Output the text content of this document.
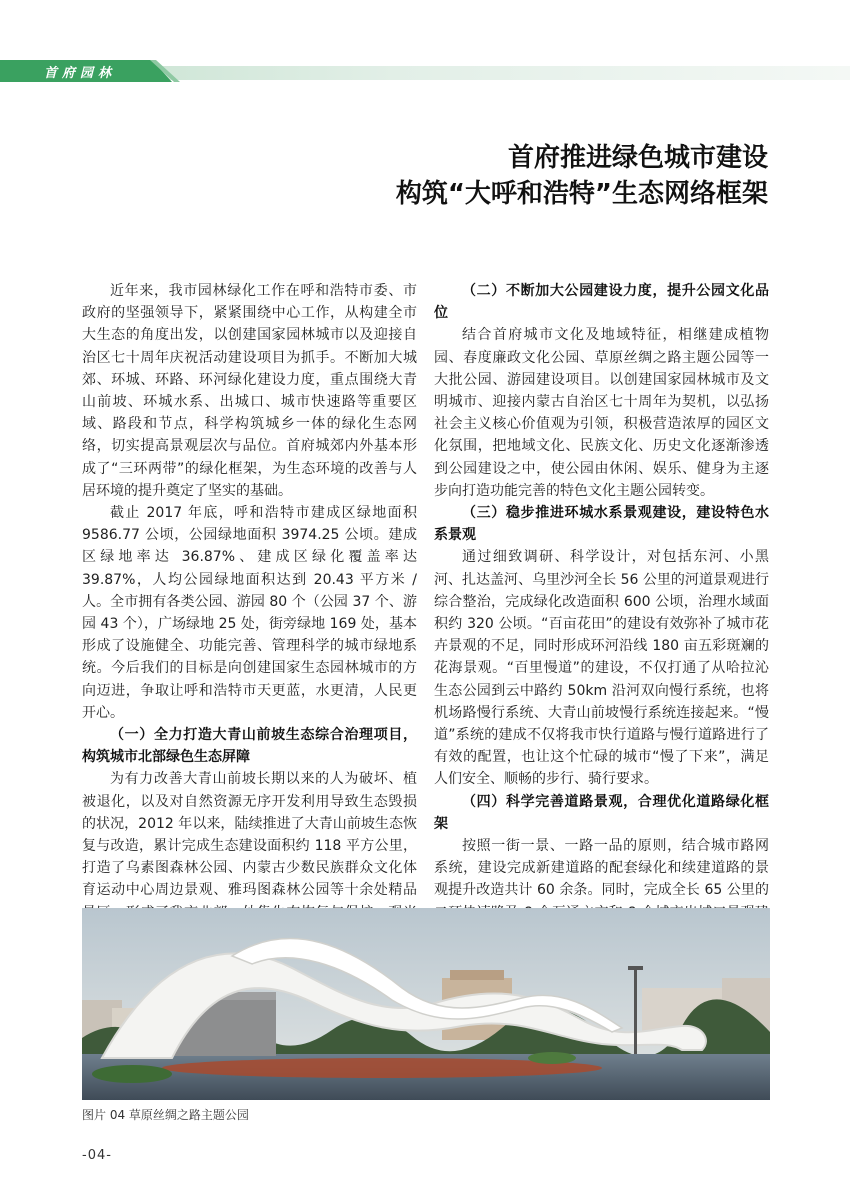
首府园林
首府推进绿色城市建设
构筑“大呼和浩特”生态网络框架

近年来，我市园林绿化工作在呼和浩特市委、市政府的坚强领导下，紧紧围绕中心工作，从构建全市大生态的角度出发，以创建国家园林城市以及迎接自治区七十周年庆祝活动建设项目为抓手。不断加大城郊、环城、环路、环河绿化建设力度，重点围绕大青山前坡、环城水系、出城口、城市快速路等重要区域、路段和节点，科学构筑城乡一体的绿化生态网络，切实提高景观层次与品位。首府城郊内外基本形成了“三环两带”的绿化框架，为生态环境的改善与人居环境的提升奠定了坚实的基础。

截止 2017 年底，呼和浩特市建成区绿地面积 9586.77 公顷，公园绿地面积 3974.25 公顷。建成区绿地率达 36.87%、建成区绿化覆盖率达 39.87%，人均公园绿地面积达到 20.43 平方米 / 人。全市拥有各类公园、游园 80 个（公园 37 个、游园 43 个），广场绿地 25 处，街旁绿地 169 处，基本形成了设施健全、功能完善、管理科学的城市绿地系统。今后我们的目标是向创建国家生态园林城市的方向迈进，争取让呼和浩特市天更蓝，水更清，人民更开心。

（一）全力打造大青山前坡生态综合治理项目，构筑城市北部绿色生态屏障

为有力改善大青山前坡长期以来的人为破坏、植被退化，以及对自然资源无序开发利用导致生态毁损的状况，2012 年以来，陆续推进了大青山前坡生态恢复与改造，累计完成生态建设面积约 118 平方公里，打造了乌素图森林公园、内蒙古少数民族群众文化体育运动中心周边景观、雅玛图森林公园等十余处精品

（二）不断加大公园建设力度，提升公园文化品位

结合首府城市文化及地域特征，相继建成植物园、春度廉政文化公园、草原丝绸之路主题公园等一大批公园、游园建设项目。以创建国家园林城市及文明城市、迎接内蒙古自治区七十周年为契机，以弘扬社会主义核心价值观为引领，积极营造浓厚的园区文化氛围，把地域文化、民族文化、历史文化逐渐渗透到公园建设之中，使公园由休闲、娱乐、健身为主逐步向打造功能完善的特色文化主题公园转变。

（三）稳步推进环城水系景观建设，建设特色水系景观

通过细致调研、科学设计，对包括东河、小黑河、扎达盖河、乌里沙河全长 56 公里的河道景观进行综合整治，完成绿化改造面积 600 公顷，治理水域面积约 320 公顷。“百亩花田”的建设有效弥补了城市花卉景观的不足，同时形成环河沿线 180 亩五彩斑斓的花海景观。“百里慢道”的建设，不仅打通了从哈拉沁生态公园到云中路约 50km 沿河双向慢行系统，也将机场路慢行系统、大青山前坡慢行系统连接起来。“慢道”系统的建成不仅将我市快行道路与慢行道路进行了有效的配置，也让这个忙碌的城市“慢了下来”，满足人们安全、顺畅的步行、骑行要求。

（四）科学完善道路景观，合理优化道路绿化框架

按照一街一景、一路一品的原则，结合城市路网系统，建设完成新建道路的配套绿化和续建道路的景观提升改造共计 60 余条。同时，完成全长 65 公里的

图片 04 草原丝绸之路主题公园
-04-
